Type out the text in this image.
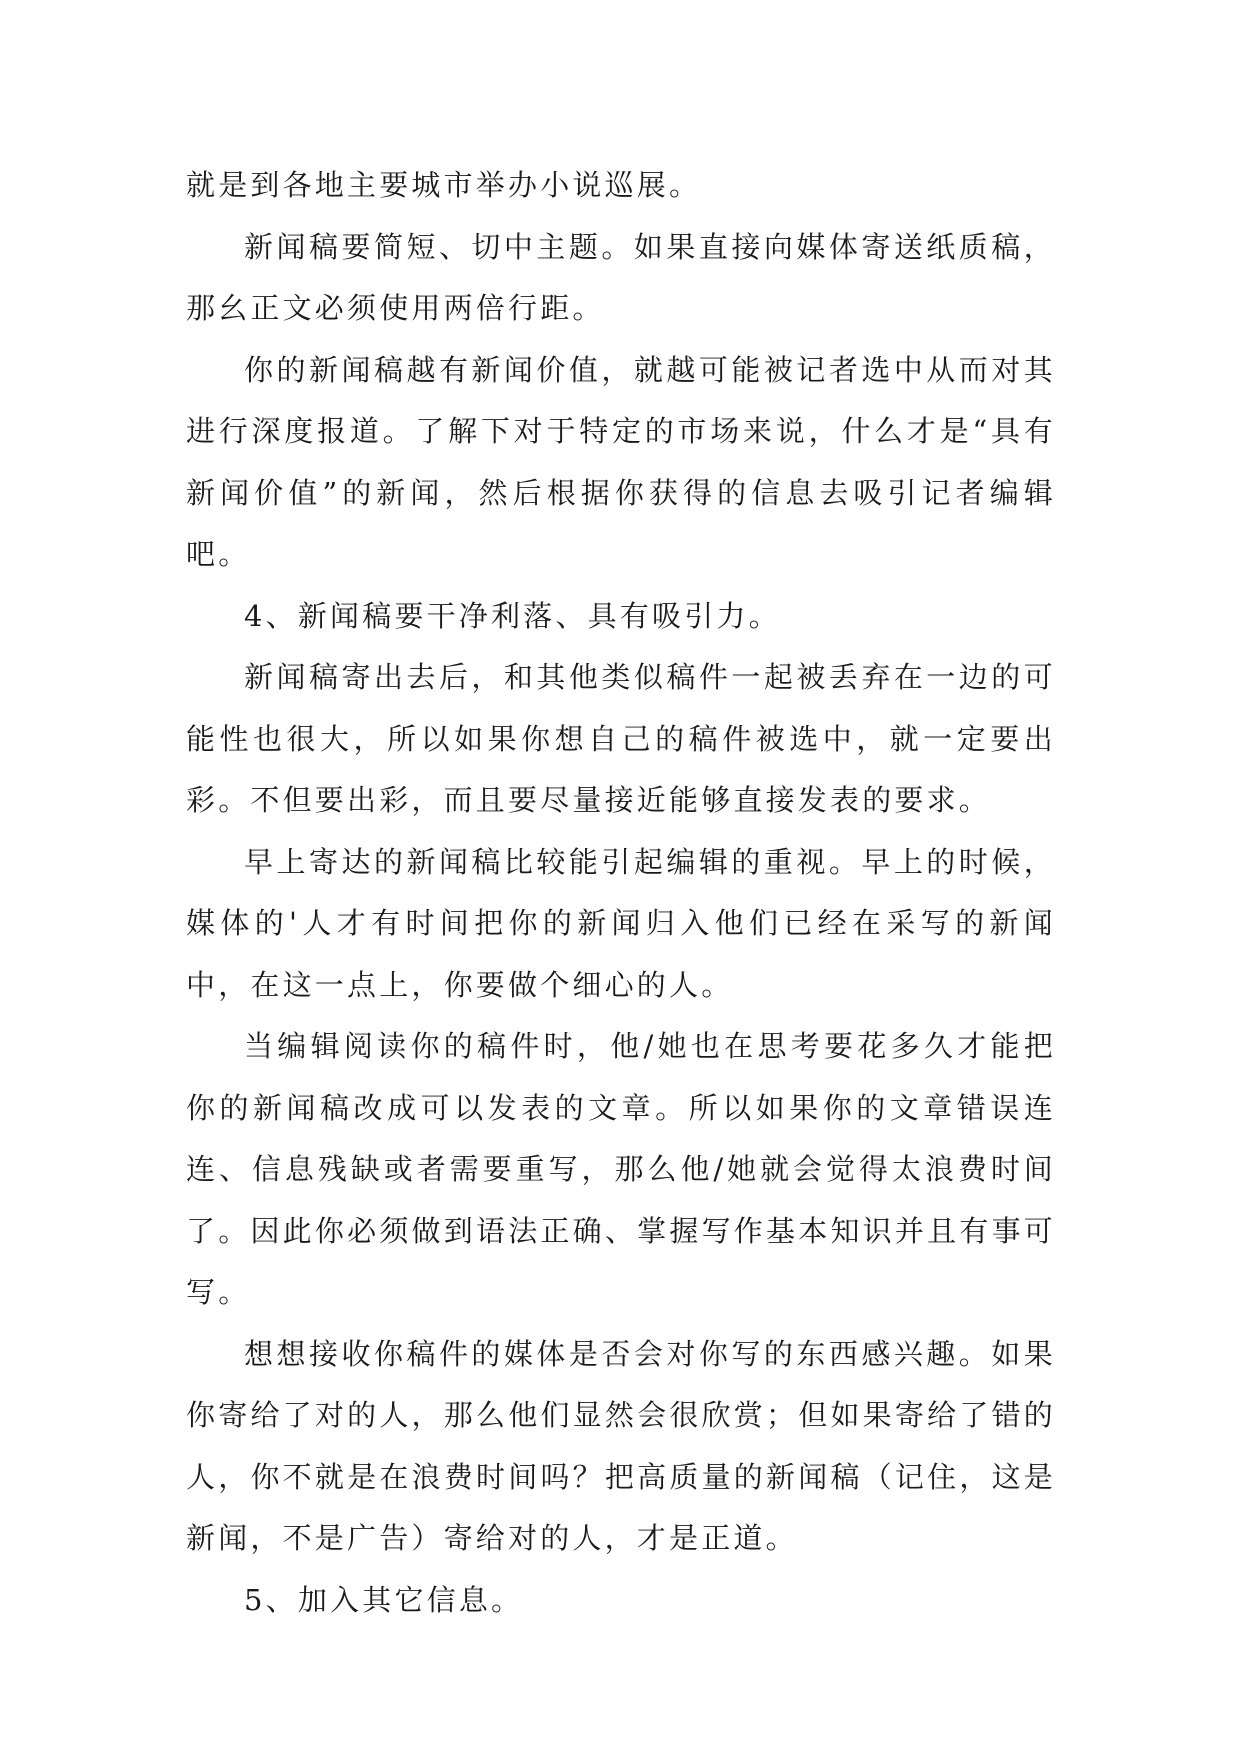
就是到各地主要城市举办小说巡展。

新闻稿要简短、切中主题。如果直接向媒体寄送纸质稿，那幺正文必须使用两倍行距。

你的新闻稿越有新闻价值，就越可能被记者选中从而对其进行深度报道。了解下对于特定的市场来说，什么才是“具有新闻价值”的新闻，然后根据你获得的信息去吸引记者编辑吧。

4、新闻稿要干净利落、具有吸引力。

新闻稿寄出去后，和其他类似稿件一起被丢弃在一边的可能性也很大，所以如果你想自己的稿件被选中，就一定要出彩。不但要出彩，而且要尽量接近能够直接发表的要求。

早上寄达的新闻稿比较能引起编辑的重视。早上的时候，媒体的'人才有时间把你的新闻归入他们已经在采写的新闻中，在这一点上，你要做个细心的人。

当编辑阅读你的稿件时，他/她也在思考要花多久才能把你的新闻稿改成可以发表的文章。所以如果你的文章错误连连、信息残缺或者需要重写，那么他/她就会觉得太浪费时间了。因此你必须做到语法正确、掌握写作基本知识并且有事可写。

想想接收你稿件的媒体是否会对你写的东西感兴趣。如果你寄给了对的人，那么他们显然会很欣赏；但如果寄给了错的人，你不就是在浪费时间吗？把高质量的新闻稿（记住，这是新闻，不是广告）寄给对的人，才是正道。

5、加入其它信息。
